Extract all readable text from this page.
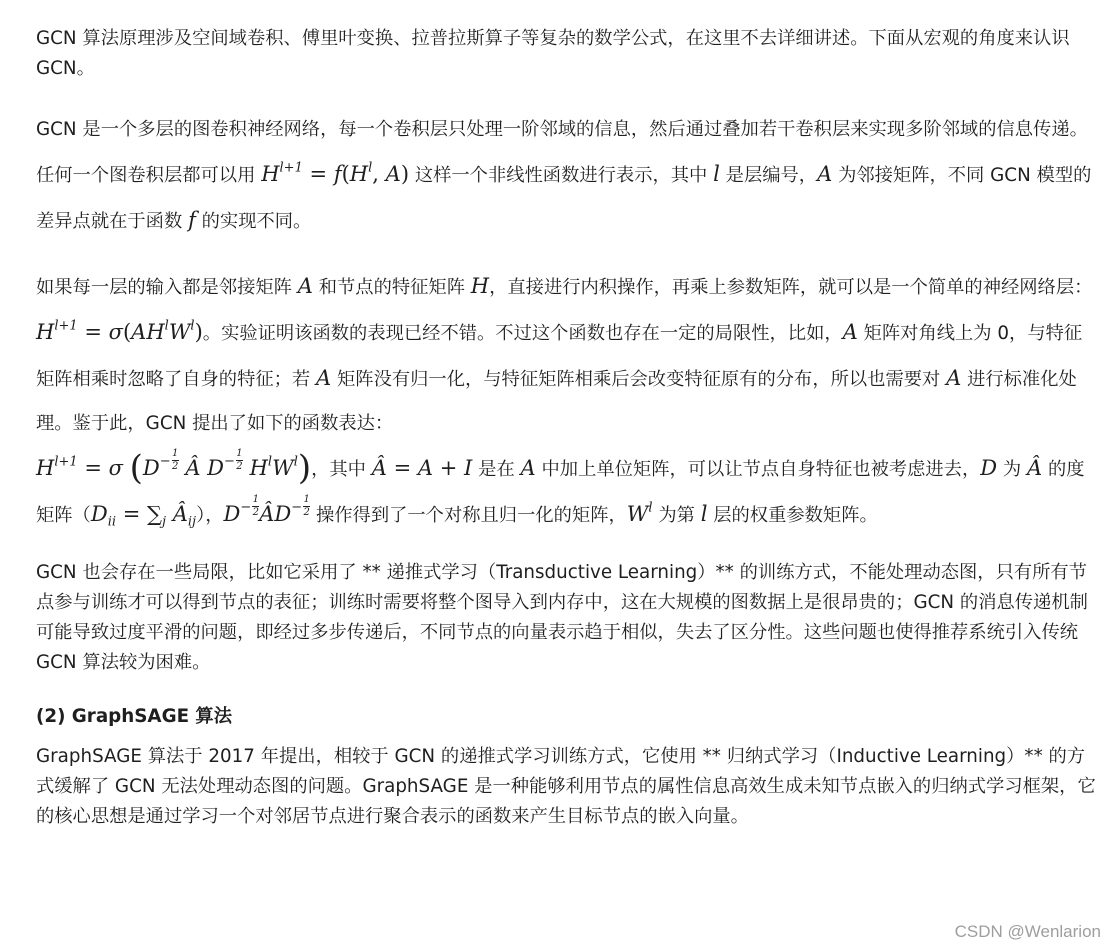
GCN 算法原理涉及空间域卷积、傅里叶变换、拉普拉斯算子等复杂的数学公式，在这里不去详细讲述。下面从宏观的角度来认识 GCN。

GCN 是一个多层的图卷积神经网络，每一个卷积层只处理一阶邻域的信息，然后通过叠加若干卷积层来实现多阶邻域的信息传递。任何一个图卷积层都可以用 $H^{l+1} = f(H^l$, A) 这样一个非线性函数进行表示，其中 l 是层编号，A 为邻接矩阵，不同 GCN 模型的差异点就在于函数 f 的实现不同。

如果每一层的输入都是邻接矩阵 A 和节点的特征矩阵 H，直接进行内积操作，再乘上参数矩阵，就可以是一个简单的神经网络层：$H^{l+1} = \sigma(AH^lW^l)$。实验证明该函数的表现已经不错。不过这个函数也存在一定的局限性，比如，A 矩阵对角线上为 0，与特征矩阵相乘时忽略了自身的特征；若 A 矩阵没有归一化，与特征矩阵相乘后会改变特征原有的分布，所以也需要对 A 进行标准化处理。鉴于此，GCN 提出了如下的函数表达：
$H^{l+1} = \sigma$ ($D^{- \frac{1}{2}}$ Â $D^{- \frac{1}{2}}$ $H^lW^l$)，其中 Â = A + I 是在 A 中加上单位矩阵，可以让节点自身特征也被考虑进去，D 为 Â 的度矩阵（$D_{ii} = \sum_j$ $Â_{ij}$），$D^{- \frac{1}{2}}$ $ÂD^{- \frac{1}{2}}$ 操作得到了一个对称且归一化的矩阵，$W^l$ 为第 l 层的权重参数矩阵。

GCN 也会存在一些局限，比如它采用了 ** 递推式学习（Transductive Learning）** 的训练方式，不能处理动态图，只有所有节点参与训练才可以得到节点的表征；训练时需要将整个图导入到内存中，这在大规模的图数据上是很昂贵的；GCN 的消息传递机制可能导致过度平滑的问题，即经过多步传递后，不同节点的向量表示趋于相似，失去了区分性。这些问题也使得推荐系统引入传统 GCN 算法较为困难。

(2) GraphSAGE 算法

GraphSAGE 算法于 2017 年提出，相较于 GCN 的递推式学习训练方式，它使用 ** 归纳式学习（Inductive Learning）** 的方式缓解了 GCN 无法处理动态图的问题。GraphSAGE 是一种能够利用节点的属性信息高效生成未知节点嵌入的归纳式学习框架，它的核心思想是通过学习一个对邻居节点进行聚合表示的函数来产生目标节点的嵌入向量。

CSDN @Wenlarion
